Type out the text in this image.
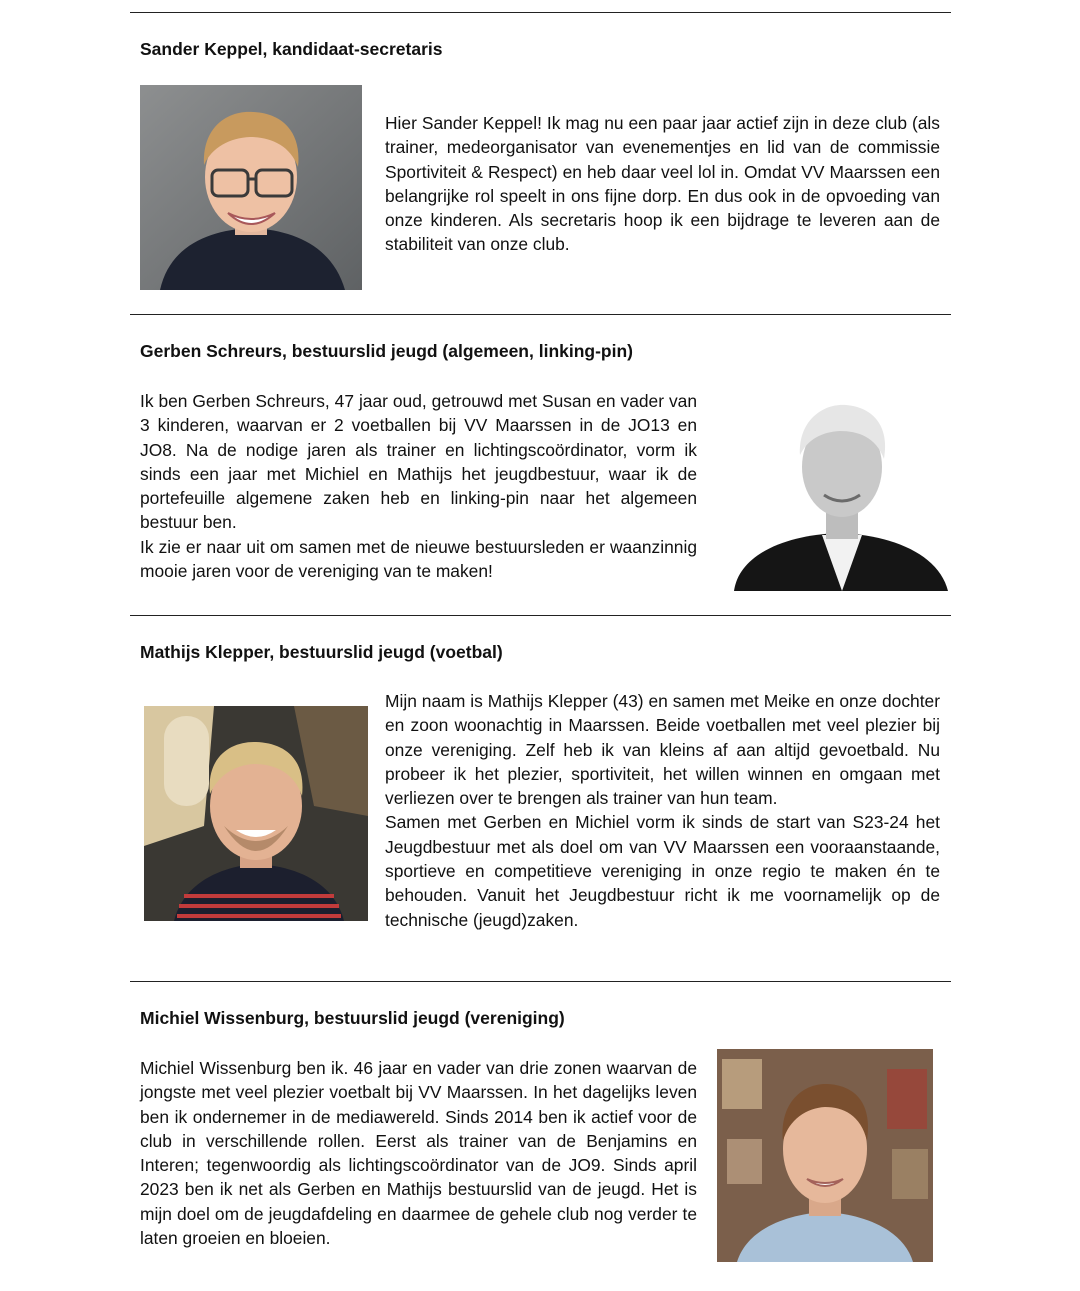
Sander Keppel, kandidaat-secretaris

Hier Sander Keppel! Ik mag nu een paar jaar actief zijn in deze club (als trainer, medeorganisator van evenementjes en lid van de commissie Sportiviteit & Respect) en heb daar veel lol in. Omdat VV Maarssen een belangrijke rol speelt in ons fijne dorp. En dus ook in de opvoeding van onze kinderen. Als secretaris hoop ik een bijdrage te leveren aan de stabiliteit van onze club.

Gerben Schreurs, bestuurslid jeugd (algemeen, linking-pin)

Ik ben Gerben Schreurs, 47 jaar oud, getrouwd met Susan en vader van 3 kinderen, waarvan er 2 voetballen bij VV Maarssen in de JO13 en JO8. Na de nodige jaren als trainer en lichtingscoördinator, vorm ik sinds een jaar met Michiel en Mathijs het jeugdbestuur, waar ik de portefeuille algemene zaken heb en linking-pin naar het algemeen bestuur ben.

Ik zie er naar uit om samen met de nieuwe bestuursleden er waanzinnig mooie jaren voor de vereniging van te maken!

Mathijs Klepper, bestuurslid jeugd (voetbal)

Mijn naam is Mathijs Klepper (43) en samen met Meike en onze dochter en zoon woonachtig in Maarssen. Beide voetballen met veel plezier bij onze vereniging. Zelf heb ik van kleins af aan altijd gevoetbald. Nu probeer ik het plezier, sportiviteit, het willen winnen en omgaan met verliezen over te brengen als trainer van hun team.

Samen met Gerben en Michiel vorm ik sinds de start van S23-24 het Jeugdbestuur met als doel om van VV Maarssen een vooraanstaande, sportieve en competitieve vereniging in onze regio te maken én te behouden. Vanuit het Jeugdbestuur richt ik me voornamelijk op de technische (jeugd)zaken.

Michiel Wissenburg, bestuurslid jeugd (vereniging)

Michiel Wissenburg ben ik. 46 jaar en vader van drie zonen waarvan de jongste met veel plezier voetbalt bij VV Maarssen. In het dagelijks leven ben ik ondernemer in de mediawereld. Sinds 2014 ben ik actief voor de club in verschillende rollen. Eerst als trainer van de Benjamins en Interen; tegenwoordig als lichtingscoördinator van de JO9. Sinds april 2023 ben ik net als Gerben en Mathijs bestuurslid van de jeugd. Het is mijn doel om de jeugdafdeling en daarmee de gehele club nog verder te laten groeien en bloeien.
